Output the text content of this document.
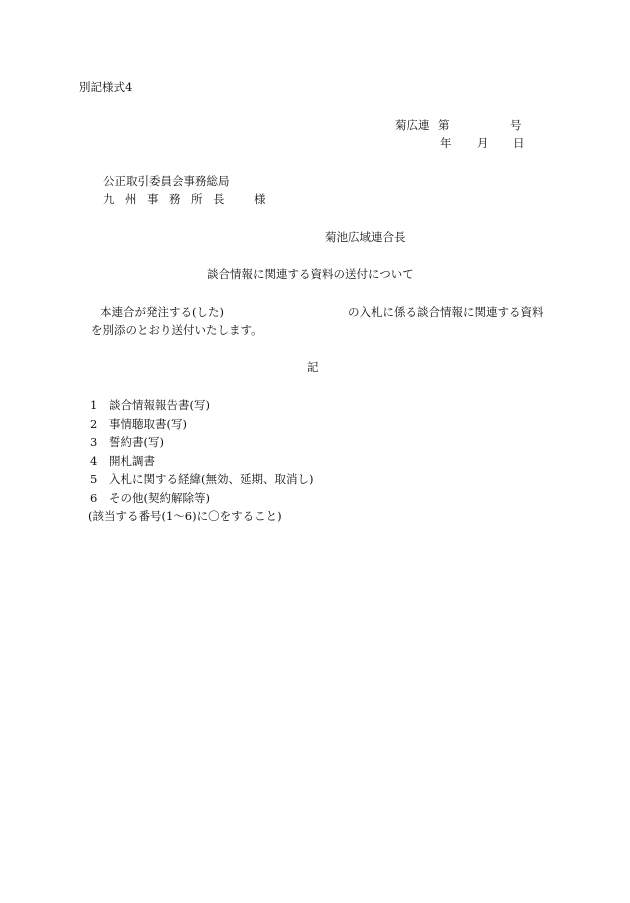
別記様式4
菊広連 第	号
年 月 日
公正取引委員会事務総局
九州事務所長 様
菊池広域連合長
談合情報に関連する資料の送付について
本連合が発注する(した)	の入札に係る談合情報に関連する資料
を別添のとおり送付いたします。
記
1 談合情報報告書(写)
2 事情聴取書(写)
3 誓約書(写)
4 開札調書
5 入札に関する経緯(無効、延期、取消し)
6 その他(契約解除等)
(該当する番号(1〜6)に〇をすること)
